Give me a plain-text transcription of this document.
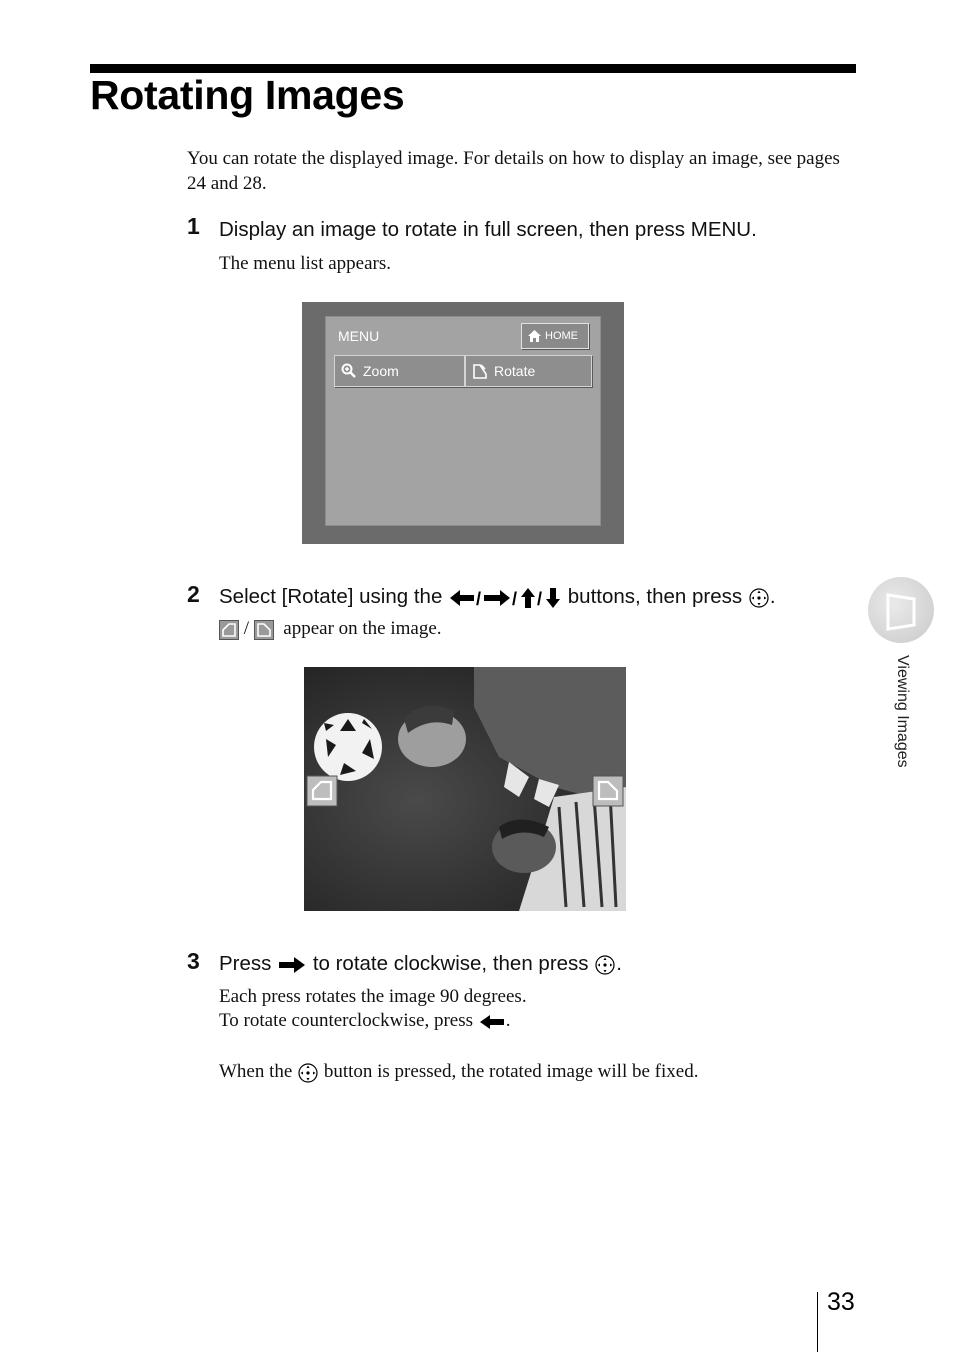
Rotating Images

You can rotate the displayed image. For details on how to display an image, see pages 24 and 28.

1 Display an image to rotate in full screen, then press MENU.

The menu list appears.

MENU	HOME
Zoom	Rotate
2 Select [Rotate] using the / / / buttons, then press .

/ appear on the image.

3 Press to rotate clockwise, then press .

Each press rotates the image 90 degrees.

To rotate counterclockwise, press .

When the button is pressed, the rotated image will be fixed.

Viewing Images
33
